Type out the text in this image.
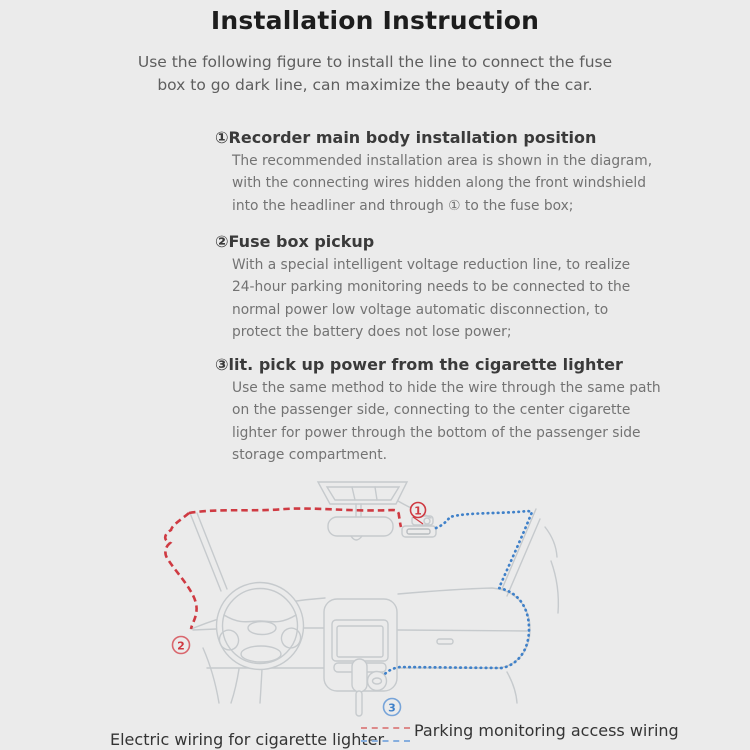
Installation Instruction
Use the following figure to install the line to connect the fuse
box to go dark line, can maximize the beauty of the car.
①Recorder main body installation position
The recommended installation area is shown in the diagram,
with the connecting wires hidden along the front windshield
into the headliner and through ① to the fuse box;
②Fuse box pickup
With a special intelligent voltage reduction line, to realize
24-hour parking monitoring needs to be connected to the
normal power low voltage automatic disconnection, to
protect the battery does not lose power;
③lit. pick up power from the cigarette lighter
Use the same method to hide the wire through the same path
on the passenger side, connecting to the center cigarette
lighter for power through the bottom of the passenger side
storage compartment.
1
2
3
Parking monitoring access wiring
Electric wiring for cigarette lighter
